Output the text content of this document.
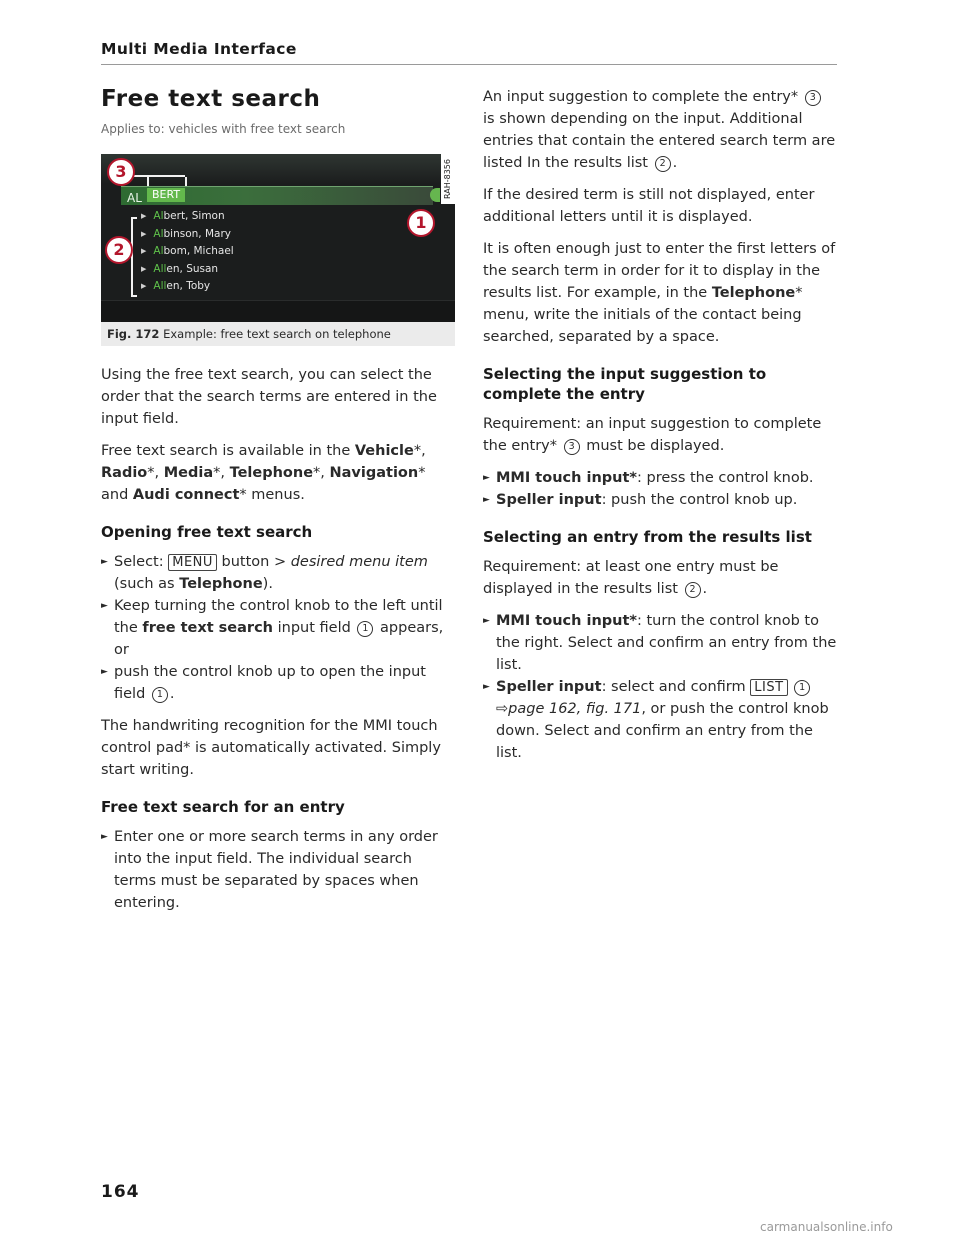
Multi Media Interface
Free text search
Applies to: vehicles with free text search
AL BERT
▶ Albert, Simon
▶ Albinson, Mary
▶ Albom, Michael
▶ Allen, Susan
▶ Allen, Toby
3
2
1
RAH-8356
Fig. 172 Example: free text search on telephone

Using the free text search, you can select the order that the search terms are entered in the input field.

Free text search is available in the Vehicle*, Radio*, Media*, Telephone*, Navigation* and Audi connect* menus.

Opening free text search
► Select: MENU button > desired menu item (such as Telephone).
► Keep turning the control knob to the left until the free text search input field 1 appears, or
► push the control knob up to open the input field 1 .

The handwriting recognition for the MMI touch control pad* is automatically activated. Simply start writing.

Free text search for an entry
► Enter one or more search terms in any order into the input field. The individual search terms must be separated by spaces when entering.

An input suggestion to complete the entry* 3 is shown depending on the input. Additional entries that contain the entered search term are listed In the results list 2 .

If the desired term is still not displayed, enter additional letters until it is displayed.

It is often enough just to enter the first letters of the search term in order for it to display in the results list. For example, in the Telephone* menu, write the initials of the contact being searched, separated by a space.

Selecting the input suggestion to complete the entry

Requirement: an input suggestion to complete the entry* 3 must be displayed.

► MMI touch input*: press the control knob.
► Speller input: push the control knob up.
Selecting an entry from the results list

Requirement: at least one entry must be displayed in the results list 2 .

► MMI touch input*: turn the control knob to the right. Select and confirm an entry from the list.
► Speller input: select and confirm LIST 1 ⇨page 162, fig. 171, or push the control knob down. Select and confirm an entry from the list.
164
carmanualsonline.info
